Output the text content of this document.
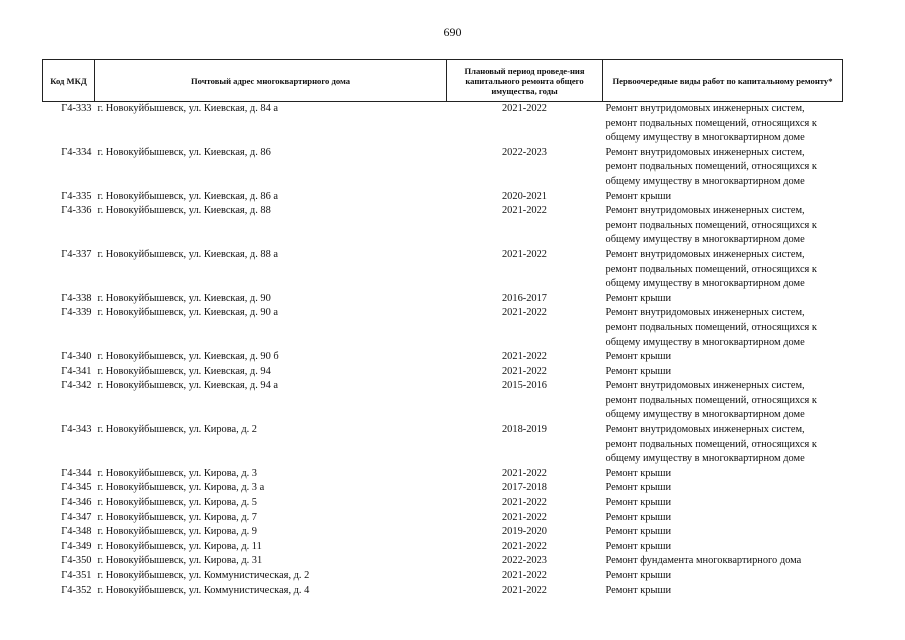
690
Код МКД	Почтовый адрес многоквартирного дома	Плановый период проведе-ния капитального ремонта общего имущества, годы	Первоочередные виды работ по капитальному ремонту*
Г4-333	г. Новокуйбышевск, ул. Киевская, д. 84 а	2021-2022	Ремонт внутридомовых инженерных систем,
ремонт подвальных помещений, относящихся к
общему имуществу в многоквартирном доме
Г4-334	г. Новокуйбышевск, ул. Киевская, д. 86	2022-2023	Ремонт внутридомовых инженерных систем,
ремонт подвальных помещений, относящихся к
общему имуществу в многоквартирном доме
Г4-335	г. Новокуйбышевск, ул. Киевская, д. 86 а	2020-2021	Ремонт крыши
Г4-336	г. Новокуйбышевск, ул. Киевская, д. 88	2021-2022	Ремонт внутридомовых инженерных систем,
ремонт подвальных помещений, относящихся к
общему имуществу в многоквартирном доме
Г4-337	г. Новокуйбышевск, ул. Киевская, д. 88 а	2021-2022	Ремонт внутридомовых инженерных систем,
ремонт подвальных помещений, относящихся к
общему имуществу в многоквартирном доме
Г4-338	г. Новокуйбышевск, ул. Киевская, д. 90	2016-2017	Ремонт крыши
Г4-339	г. Новокуйбышевск, ул. Киевская, д. 90 а	2021-2022	Ремонт внутридомовых инженерных систем,
ремонт подвальных помещений, относящихся к
общему имуществу в многоквартирном доме
Г4-340	г. Новокуйбышевск, ул. Киевская, д. 90 б	2021-2022	Ремонт крыши
Г4-341	г. Новокуйбышевск, ул. Киевская, д. 94	2021-2022	Ремонт крыши
Г4-342	г. Новокуйбышевск, ул. Киевская, д. 94 а	2015-2016	Ремонт внутридомовых инженерных систем,
ремонт подвальных помещений, относящихся к
общему имуществу в многоквартирном доме
Г4-343	г. Новокуйбышевск, ул. Кирова, д. 2	2018-2019	Ремонт внутридомовых инженерных систем,
ремонт подвальных помещений, относящихся к
общему имуществу в многоквартирном доме
Г4-344	г. Новокуйбышевск, ул. Кирова, д. 3	2021-2022	Ремонт крыши
Г4-345	г. Новокуйбышевск, ул. Кирова, д. 3 а	2017-2018	Ремонт крыши
Г4-346	г. Новокуйбышевск, ул. Кирова, д. 5	2021-2022	Ремонт крыши
Г4-347	г. Новокуйбышевск, ул. Кирова, д. 7	2021-2022	Ремонт крыши
Г4-348	г. Новокуйбышевск, ул. Кирова, д. 9	2019-2020	Ремонт крыши
Г4-349	г. Новокуйбышевск, ул. Кирова, д. 11	2021-2022	Ремонт крыши
Г4-350	г. Новокуйбышевск, ул. Кирова, д. 31	2022-2023	Ремонт фундамента многоквартирного дома
Г4-351	г. Новокуйбышевск, ул. Коммунистическая, д. 2	2021-2022	Ремонт крыши
Г4-352	г. Новокуйбышевск, ул. Коммунистическая, д. 4	2021-2022	Ремонт крыши
